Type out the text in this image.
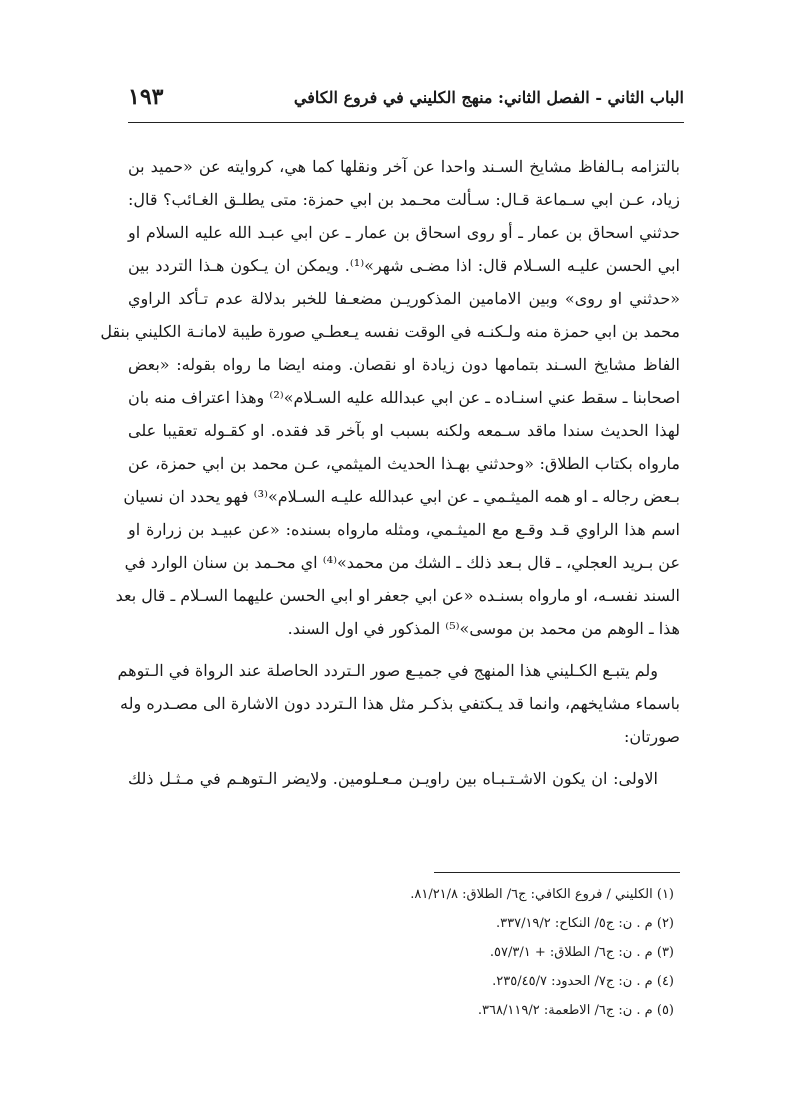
الباب الثاني - الفصل الثاني: منهج الكليني في فروع الكافي
١٩٣
بالتزامه بـالفاظ مشايخ السـند واحدا عن آخر ونقلها كما هي، كروايته عن «حميد بن
زياد، عـن ابي سـماعة قـال: سـألت محـمد بن ابي حمزة: متى يطلـق الغـائب؟ قال:
حدثني اسحاق بن عمار ـ أو روى اسحاق بن عمار ـ عن ابي عبـد الله عليه السلام او
ابي الحسن عليـه السـلام قال: اذا مضـى شهر»⁽¹⁾. ويمكن ان يـكون هـذا التردد بين
«حدثني او روى» وبين الامامين المذكوريـن مضعـفا للخبر بدلالة عدم تـأكد الراوي
محمد بن ابي حمزة منه ولـكنـه في الوقت نفسه يـعطـي صورة طيبة لامانـة الكليني بنقل
الفاظ مشايخ السـند بتمامها دون زيادة او نقصان. ومنه ايضا ما رواه بقوله: «بعض
اصحابنا ـ سقط عني اسنـاده ـ عن ابي عبدالله عليه السـلام»⁽²⁾ وهذا اعتراف منه بان
لهذا الحديث سندا ماقد سـمعه ولكنه بسبب او بآخر قد فقده. او كقـوله تعقيبا على
مارواه بكتاب الطلاق: «وحدثني بهـذا الحديث الميثمي، عـن محمد بن ابي حمزة، عن
بـعض رجاله ـ او همه الميثـمي ـ عن ابي عبدالله عليـه السـلام»⁽³⁾ فهو يحدد ان نسيان
اسم هذا الراوي قـد وقـع مع الميثـمي، ومثله مارواه بسنده: «عن عبيـد بن زرارة او
عن بـريد العجلي، ـ قال بـعد ذلك ـ الشك من محمد»⁽⁴⁾ اي محـمد بن سنان الوارد في
السند نفسـه، او مارواه بسنـده «عن ابي جعفر او ابي الحسن عليهما السـلام ـ قال بعد
هذا ـ الوهم من محمد بن موسى»⁽⁵⁾ المذكور في اول السند.
ولم يتبـع الكـليني هذا المنهج في جميـع صور الـتردد الحاصلة عند الرواة في الـتوهم
باسماء مشايخهم، وانما قد يـكتفي بذكـر مثل هذا الـتردد دون الاشارة الى مصـدره وله
صورتان:
الاولى: ان يكون الاشـتـبـاه بين راويـن مـعـلومين. ولايضر الـتوهـم في مـثـل ذلك
(١) الكليني / فروع الكافي: ج٦/ الطلاق: ٨١/٢١/٨.
(٢) م . ن: ج٥/ النكاح: ٣٣٧/١٩/٢.
(٣) م . ن: ج٦/ الطلاق: + ٥٧/٣/١.
(٤) م . ن: ج٧/ الحدود: ٢٣٥/٤٥/٧.
(٥) م . ن: ج٦/ الاطعمة: ٣٦٨/١١٩/٢.
